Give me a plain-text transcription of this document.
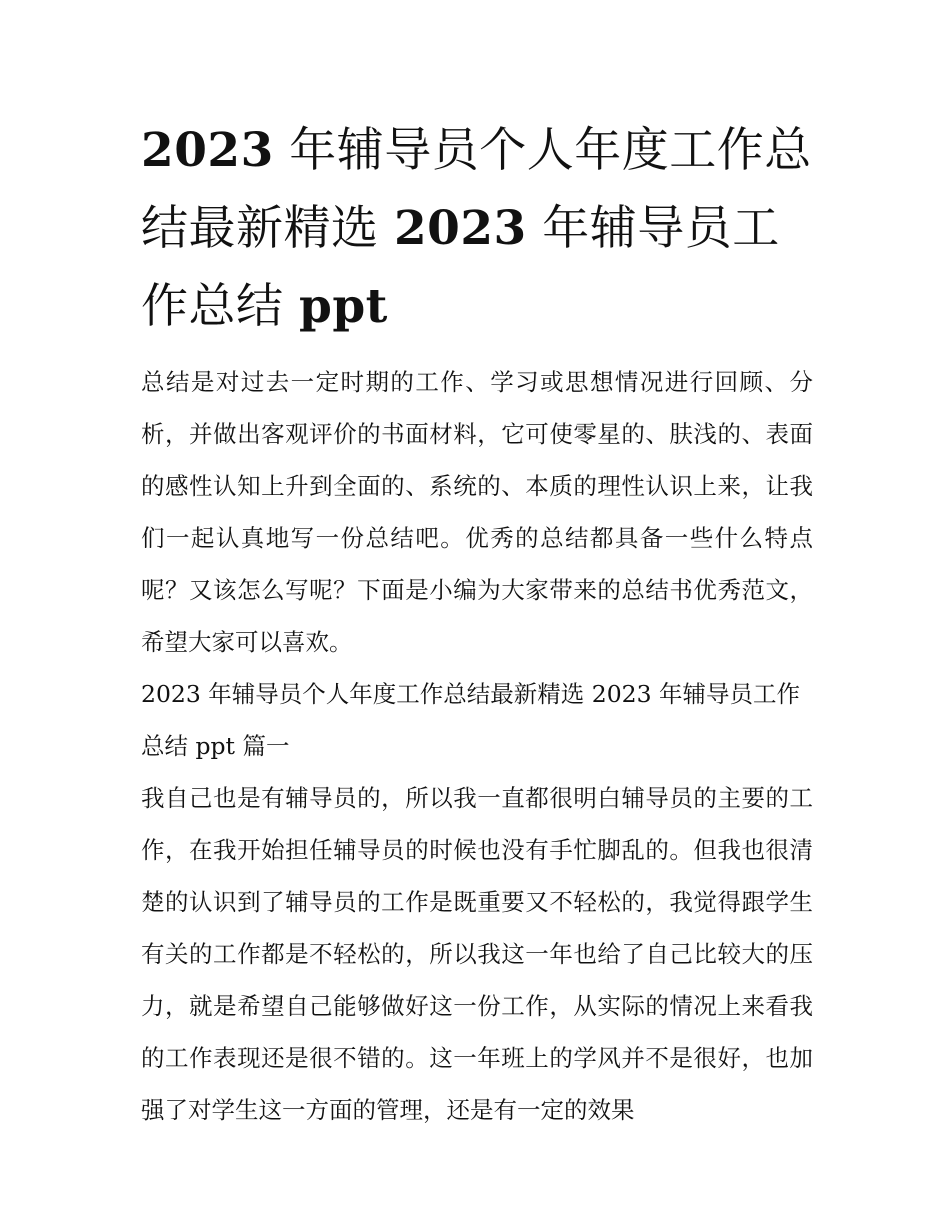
2023 年辅导员个人年度工作总结最新精选 2023 年辅导员工作总结 ppt

总结是对过去一定时期的工作、学习或思想情况进行回顾、分析，并做出客观评价的书面材料，它可使零星的、肤浅的、表面的感性认知上升到全面的、系统的、本质的理性认识上来，让我们一起认真地写一份总结吧。优秀的总结都具备一些什么特点呢？又该怎么写呢？下面是小编为大家带来的总结书优秀范文，希望大家可以喜欢。

2023 年辅导员个人年度工作总结最新精选 2023 年辅导员工作总结 ppt 篇一

我自己也是有辅导员的，所以我一直都很明白辅导员的主要的工作，在我开始担任辅导员的时候也没有手忙脚乱的。但我也很清楚的认识到了辅导员的工作是既重要又不轻松的，我觉得跟学生有关的工作都是不轻松的，所以我这一年也给了自己比较大的压力，就是希望自己能够做好这一份工作，从实际的情况上来看我的工作表现还是很不错的。这一年班上的学风并不是很好，也加强了对学生这一方面的管理，还是有一定的效果
